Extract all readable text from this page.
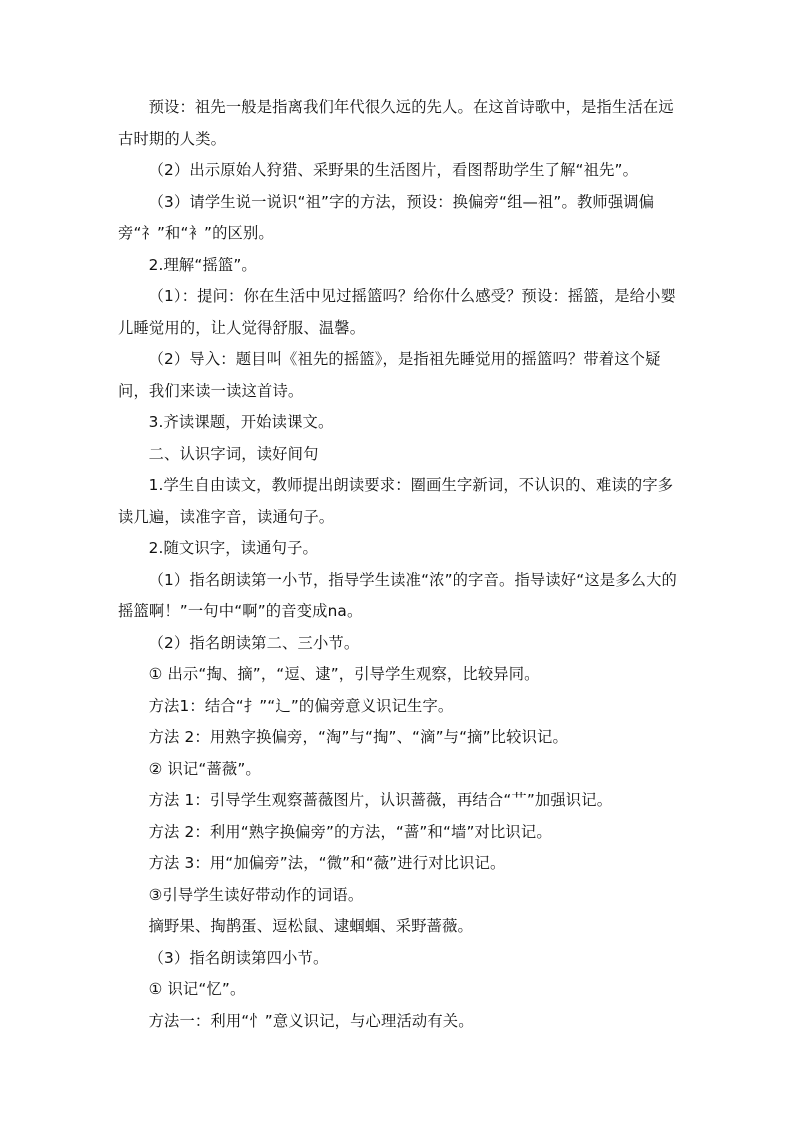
预设：祖先一般是指离我们年代很久远的先人。在这首诗歌中，是指生活在远古时期的人类。

（2）出示原始人狩猎、采野果的生活图片，看图帮助学生了解“祖先”。

（3）请学生说一说识“祖”字的方法，预设：换偏旁“组—祖”。教师强调偏旁“礻”和“衤”的区别。

2.理解“摇篮”。

（1）：提问：你在生活中见过摇篮吗？给你什么感受？预设：摇篮，是给小婴儿睡觉用的，让人觉得舒服、温馨。

（2）导入：题目叫《祖先的摇篮》，是指祖先睡觉用的摇篮吗？带着这个疑问，我们来读一读这首诗。

3.齐读课题，开始读课文。

二、认识字词，读好间句

1.学生自由读文，教师提出朗读要求：圈画生字新词，不认识的、难读的字多读几遍，读准字音，读通句子。

2.随文识字，读通句子。

（1）指名朗读第一小节，指导学生读准“浓”的字音。指导读好“这是多么大的摇篮啊！”一句中“啊”的音变成na。

（2）指名朗读第二、三小节。

① 出示“掏、摘”，“逗、逮”，引导学生观察，比较异同。

方法1：结合“扌”“辶”的偏旁意义识记生字。

方法 2：用熟字换偏旁，“淘”与“掏”、“滴”与“摘”比较识记。

② 识记“蔷薇”。

方法 1：引导学生观察蔷薇图片，认识蔷薇，再结合“艹”加强识记。

方法 2：利用“熟字换偏旁”的方法，“蔷”和“墙”对比识记。

方法 3：用“加偏旁”法，“微”和“薇”进行对比识记。

③引导学生读好带动作的词语。

摘野果、掏鹊蛋、逗松鼠、逮蝈蝈、采野蔷薇。

（3）指名朗读第四小节。

① 识记“忆”。

方法一：利用“忄”意义识记，与心理活动有关。
